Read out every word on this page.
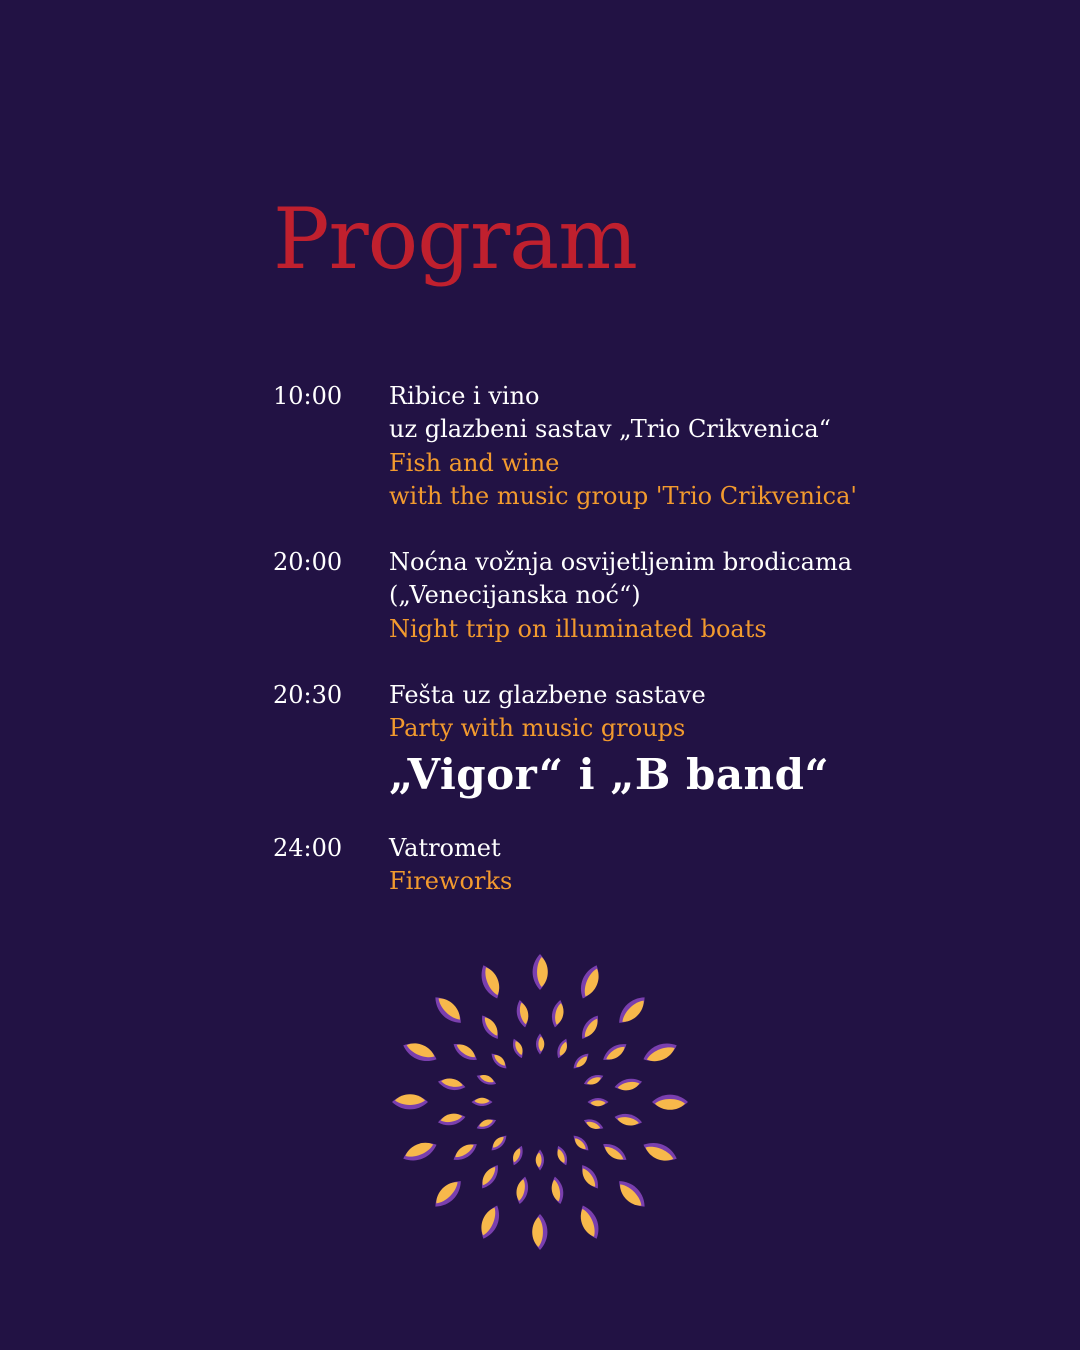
Program
10:00 Ribice i vino
uz glazbeni sastav „Trio Crikvenica“
Fish and wine
with the music group 'Trio Crikvenica'
20:00 Noćna vožnja osvijetljenim brodicama
(„Venecijanska noć“)
Night trip on illuminated boats
20:30 Fešta uz glazbene sastave
Party with music groups
„Vigor“ i „B band“
24:00 Vatromet
Fireworks
